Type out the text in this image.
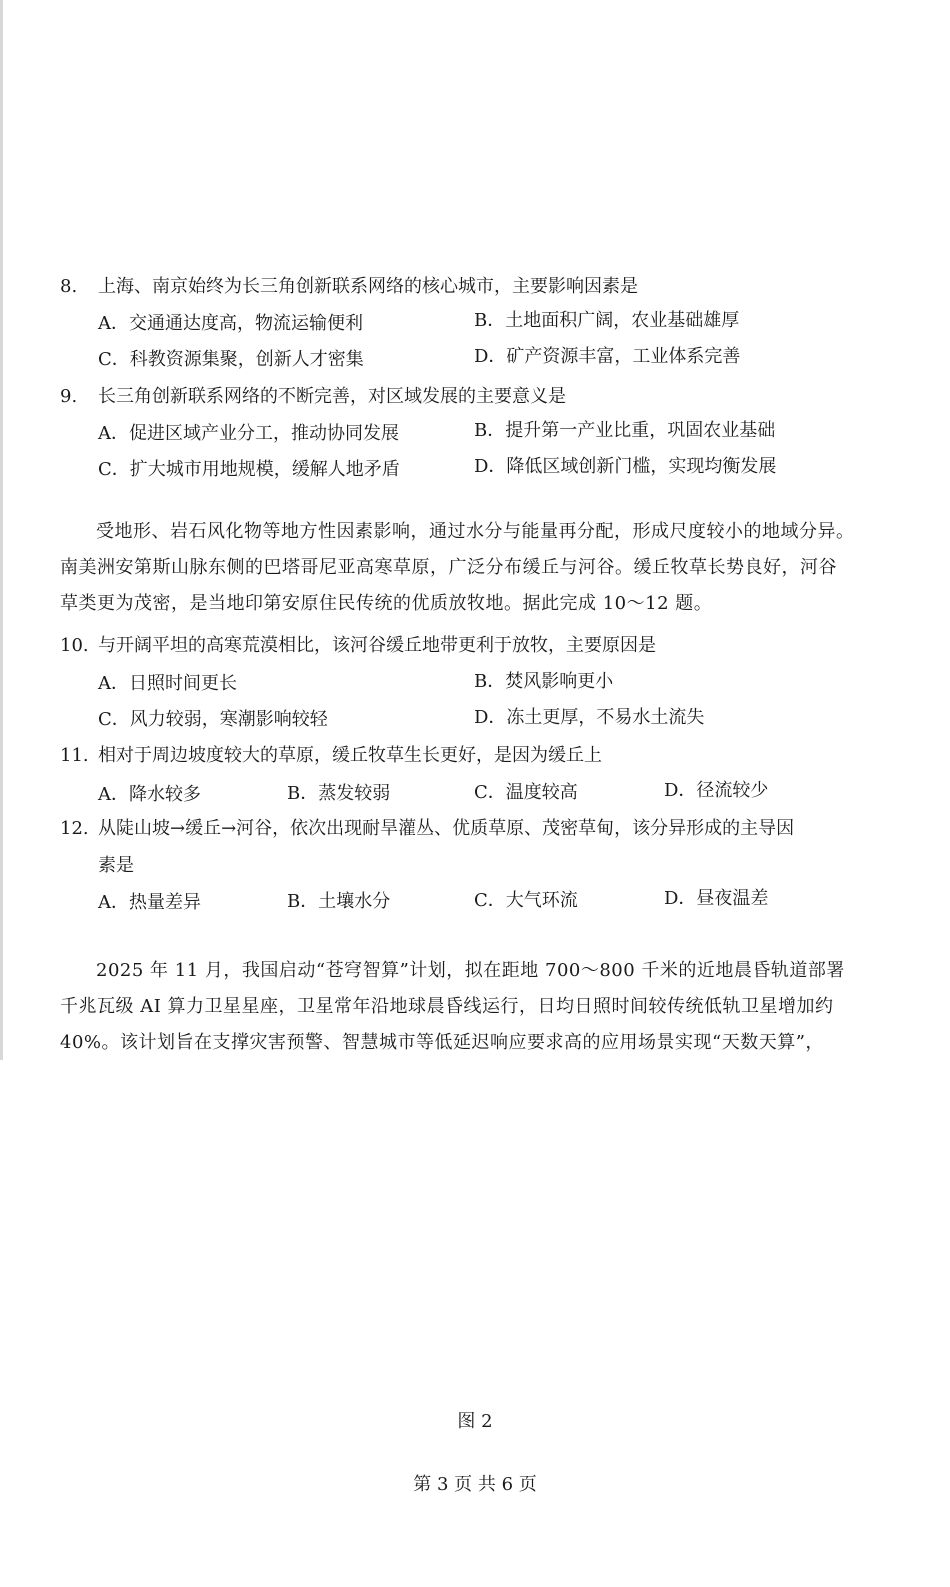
8. 上海、南京始终为长三角创新联系网络的核心城市，主要影响因素是
A．交通通达度高，物流运输便利	B．土地面积广阔，农业基础雄厚
C．科教资源集聚，创新人才密集	D．矿产资源丰富，工业体系完善
9. 长三角创新联系网络的不断完善，对区域发展的主要意义是
A．促进区域产业分工，推动协同发展	B．提升第一产业比重，巩固农业基础
C．扩大城市用地规模，缓解人地矛盾	D．降低区域创新门槛，实现均衡发展
受地形、岩石风化物等地方性因素影响，通过水分与能量再分配，形成尺度较小的地域分异。
南美洲安第斯山脉东侧的巴塔哥尼亚高寒草原，广泛分布缓丘与河谷。缓丘牧草长势良好，河谷
草类更为茂密，是当地印第安原住民传统的优质放牧地。据此完成 10～12 题。
10. 与开阔平坦的高寒荒漠相比，该河谷缓丘地带更利于放牧，主要原因是
A．日照时间更长	B．焚风影响更小
C．风力较弱，寒潮影响较轻	D．冻土更厚，不易水土流失
11. 相对于周边坡度较大的草原，缓丘牧草生长更好，是因为缓丘上
A．降水较多	B．蒸发较弱	C．温度较高	D．径流较少
12. 从陡山坡→缓丘→河谷，依次出现耐旱灌丛、优质草原、茂密草甸，该分异形成的主导因
素是
A．热量差异	B．土壤水分	C．大气环流	D．昼夜温差
2025 年 11 月，我国启动“苍穹智算”计划，拟在距地 700～800 千米的近地晨昏轨道部署
千兆瓦级 AI 算力卫星星座，卫星常年沿地球晨昏线运行，日均日照时间较传统低轨卫星增加约
40%。该计划旨在支撑灾害预警、智慧城市等低延迟响应要求高的应用场景实现“天数天算”，
图 2
第 3 页 共 6 页
